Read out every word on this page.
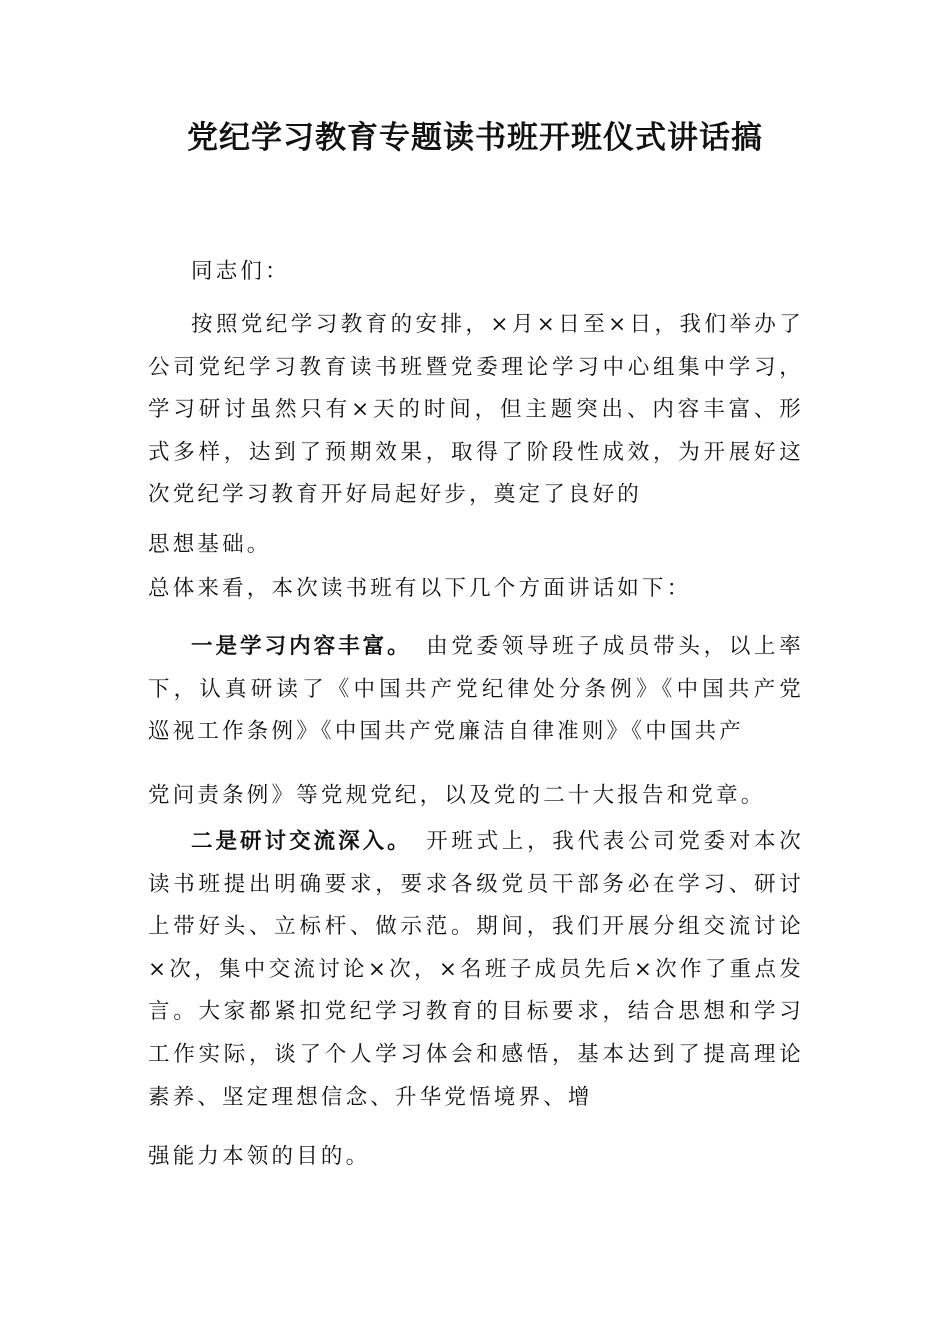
党纪学习教育专题读书班开班仪式讲话搞

同志们：

按照党纪学习教育的安排，×月×日至×日，我们举办了公司党纪学习教育读书班暨党委理论学习中心组集中学习，学习研讨虽然只有×天的时间，但主题突出、内容丰富、形式多样，达到了预期效果，取得了阶段性成效，为开展好这次党纪学习教育开好局起好步，奠定了良好的

思想基础。

总体来看，本次读书班有以下几个方面讲话如下：

一是学习内容丰富。 由党委领导班子成员带头，以上率下，认真研读了《中国共产党纪律处分条例》《中国共产党巡视工作条例》《中国共产党廉洁自律准则》《中国共产

党问责条例》等党规党纪，以及党的二十大报告和党章。

二是研讨交流深入。 开班式上，我代表公司党委对本次读书班提出明确要求，要求各级党员干部务必在学习、研讨上带好头、立标杆、做示范。期间，我们开展分组交流讨论×次，集中交流讨论×次，×名班子成员先后×次作了重点发言。大家都紧扣党纪学习教育的目标要求，结合思想和学习工作实际，谈了个人学习体会和感悟，基本达到了提高理论素养、坚定理想信念、升华党悟境界、增

强能力本领的目的。
